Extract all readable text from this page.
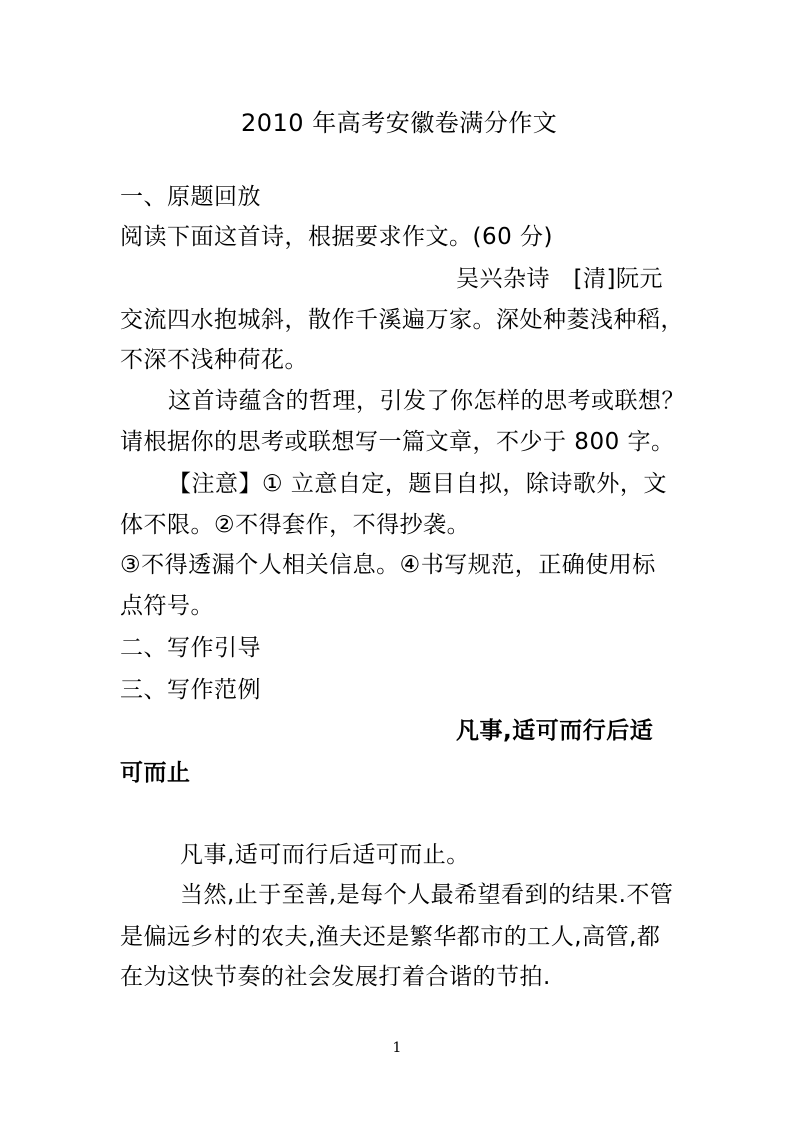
2010 年高考安徽卷满分作文
一、原题回放
阅读下面这首诗，根据要求作文。(60 分)
吴兴杂诗　[清]阮元
交流四水抱城斜，散作千溪遍万家。深处种菱浅种稻，
不深不浅种荷花。
这首诗蕴含的哲理，引发了你怎样的思考或联想？
请根据你的思考或联想写一篇文章，不少于 800 字。
【注意】① 立意自定，题目自拟，除诗歌外，文
体不限。②不得套作，不得抄袭。
③不得透漏个人相关信息。④书写规范，正确使用标
点符号。
二、写作引导
三、写作范例
凡事,适可而行后适
可而止
凡事,适可而行后适可而止。
当然,止于至善,是每个人最希望看到的结果.不管
是偏远乡村的农夫,渔夫还是繁华都市的工人,高管,都
在为这快节奏的社会发展打着合谐的节拍.
1
